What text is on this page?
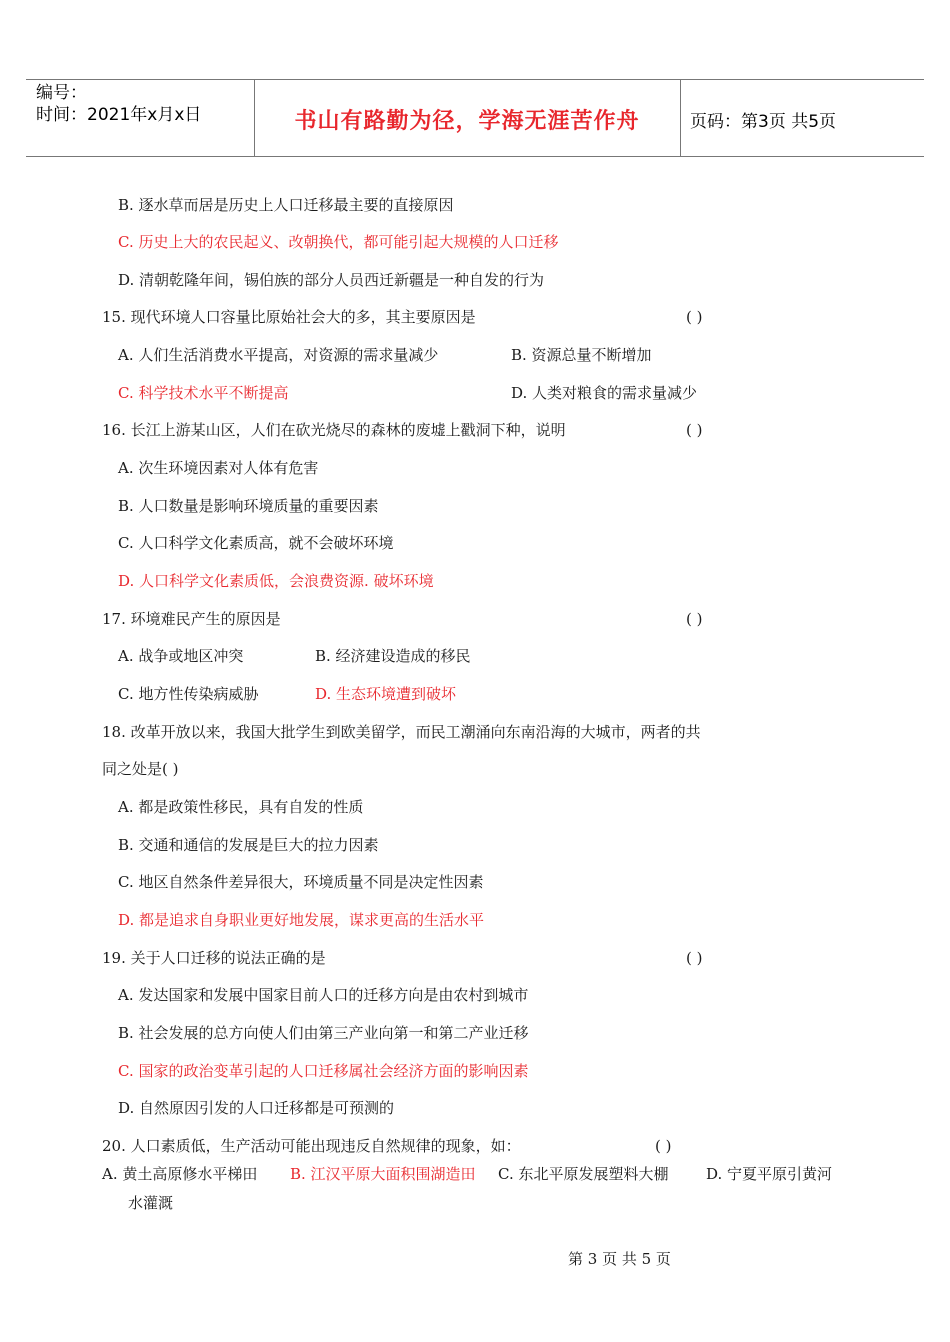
编号：
时间：2021年x月x日	书山有路勤为径，学海无涯苦作舟	页码：第3页 共5页
B. 逐水草而居是历史上人口迁移最主要的直接原因
C. 历史上大的农民起义、改朝换代，都可能引起大规模的人口迁移
D. 清朝乾隆年间，锡伯族的部分人员西迁新疆是一种自发的行为
15. 现代环境人口容量比原始社会大的多，其主要原因是	( )
A. 人们生活消费水平提高，对资源的需求量减少	B. 资源总量不断增加
C. 科学技术水平不断提高	D. 人类对粮食的需求量减少
16. 长江上游某山区，人们在砍光烧尽的森林的废墟上戳洞下种，说明	( )
A. 次生环境因素对人体有危害
B. 人口数量是影响环境质量的重要因素
C. 人口科学文化素质高，就不会破坏环境
D. 人口科学文化素质低，会浪费资源. 破坏环境
17. 环境难民产生的原因是	( )
A. 战争或地区冲突	B. 经济建设造成的移民
C. 地方性传染病威胁	D. 生态环境遭到破坏
18. 改革开放以来，我国大批学生到欧美留学，而民工潮涌向东南沿海的大城市，两者的共
同之处是( )
A. 都是政策性移民，具有自发的性质
B. 交通和通信的发展是巨大的拉力因素
C. 地区自然条件差异很大，环境质量不同是决定性因素
D. 都是追求自身职业更好地发展，谋求更高的生活水平
19. 关于人口迁移的说法正确的是	( )
A. 发达国家和发展中国家目前人口的迁移方向是由农村到城市
B. 社会发展的总方向使人们由第三产业向第一和第二产业迁移
C. 国家的政治变革引起的人口迁移属社会经济方面的影响因素
D. 自然原因引发的人口迁移都是可预测的
20. 人口素质低，生产活动可能出现违反自然规律的现象，如：	( )
A. 黄土高原修水平梯田 B. 江汉平原大面积围湖造田 C. 东北平原发展塑料大棚	D. 宁夏平原引黄河
水灌溉
第 3 页 共 5 页
